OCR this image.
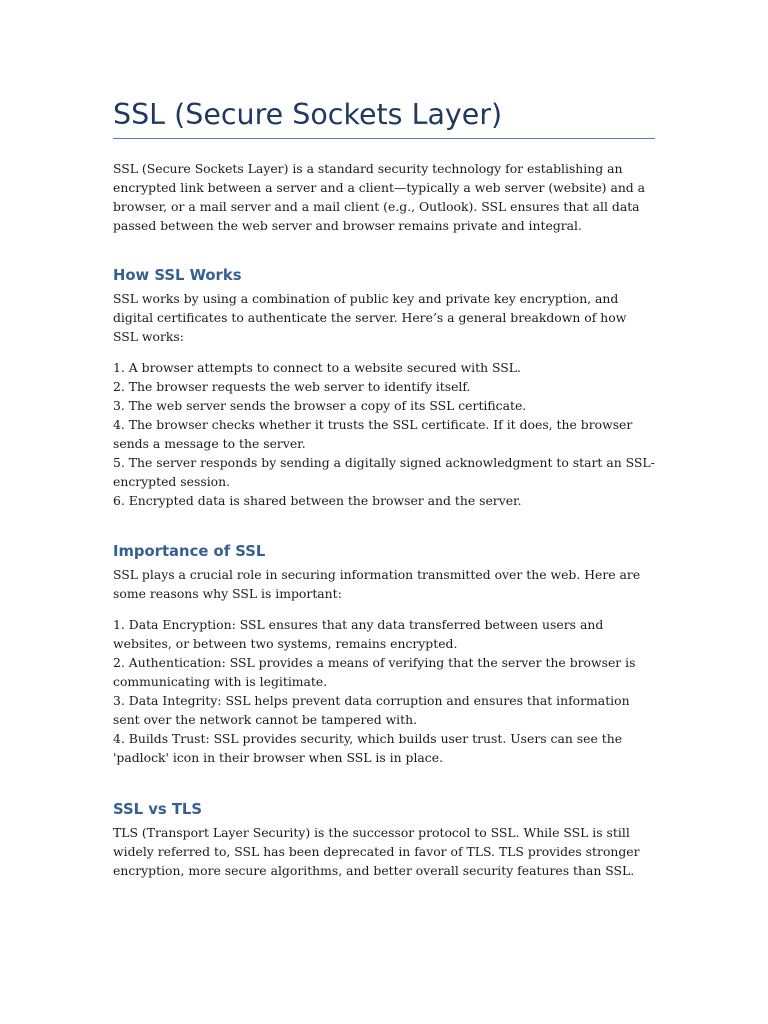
SSL (Secure Sockets Layer)

SSL (Secure Sockets Layer) is a standard security technology for establishing an encrypted link between a server and a client—typically a web server (website) and a browser, or a mail server and a mail client (e.g., Outlook). SSL ensures that all data passed between the web server and browser remains private and integral.

How SSL Works

SSL works by using a combination of public key and private key encryption, and digital certificates to authenticate the server. Here’s a general breakdown of how SSL works:

1. A browser attempts to connect to a website secured with SSL.
2. The browser requests the web server to identify itself.
3. The web server sends the browser a copy of its SSL certificate.
4. The browser checks whether it trusts the SSL certificate. If it does, the browser sends a message to the server.
5. The server responds by sending a digitally signed acknowledgment to start an SSL-encrypted session.
6. Encrypted data is shared between the browser and the server.
Importance of SSL

SSL plays a crucial role in securing information transmitted over the web. Here are some reasons why SSL is important:

1. Data Encryption: SSL ensures that any data transferred between users and websites, or between two systems, remains encrypted.
2. Authentication: SSL provides a means of verifying that the server the browser is communicating with is legitimate.
3. Data Integrity: SSL helps prevent data corruption and ensures that information sent over the network cannot be tampered with.
4. Builds Trust: SSL provides security, which builds user trust. Users can see the 'padlock' icon in their browser when SSL is in place.
SSL vs TLS

TLS (Transport Layer Security) is the successor protocol to SSL. While SSL is still widely referred to, SSL has been deprecated in favor of TLS. TLS provides stronger encryption, more secure algorithms, and better overall security features than SSL.
